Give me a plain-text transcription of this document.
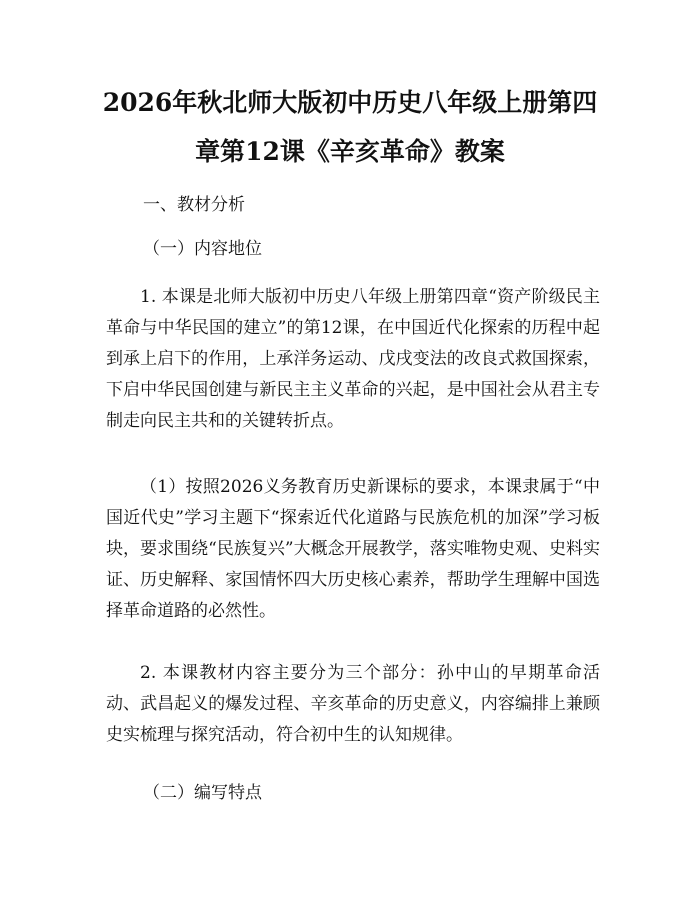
2026年秋北师大版初中历史八年级上册第四
章第12课《辛亥革命》教案
一、教材分析
（一）内容地位

1. 本课是北师大版初中历史八年级上册第四章“资产阶级民主革命与中华民国的建立”的第12课，在中国近代化探索的历程中起到承上启下的作用，上承洋务运动、戊戌变法的改良式救国探索，下启中华民国创建与新民主主义革命的兴起，是中国社会从君主专制走向民主共和的关键转折点。

（1）按照2026义务教育历史新课标的要求，本课隶属于“中国近代史”学习主题下“探索近代化道路与民族危机的加深”学习板块，要求围绕“民族复兴”大概念开展教学，落实唯物史观、史料实证、历史解释、家国情怀四大历史核心素养，帮助学生理解中国选择革命道路的必然性。

2. 本课教材内容主要分为三个部分：孙中山的早期革命活动、武昌起义的爆发过程、辛亥革命的历史意义，内容编排上兼顾史实梳理与探究活动，符合初中生的认知规律。

（二）编写特点
